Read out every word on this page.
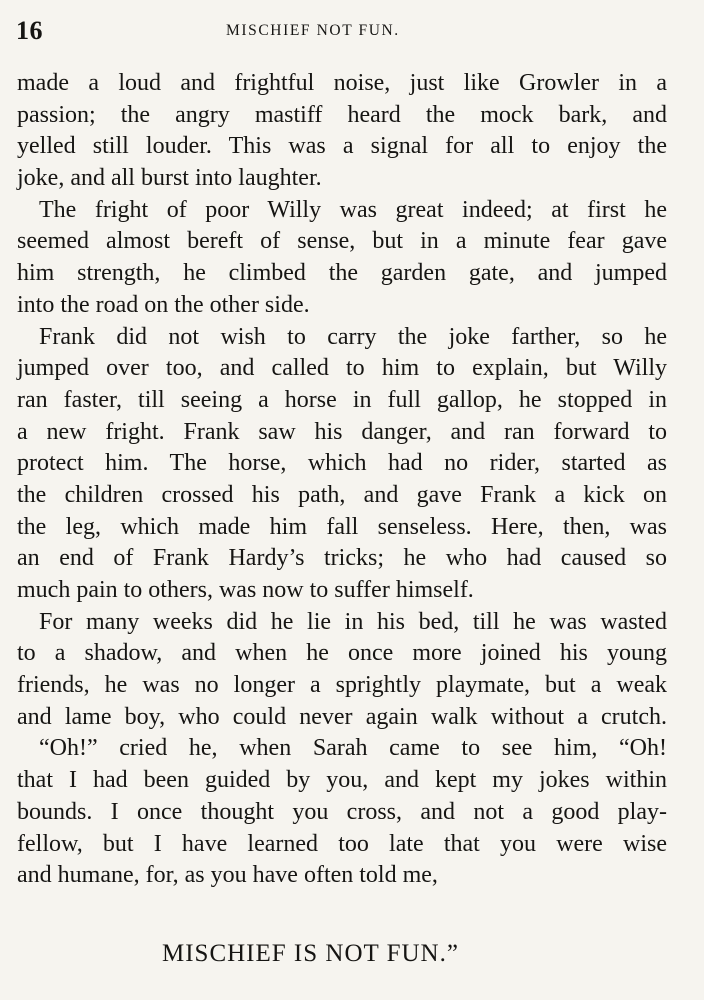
16	MISCHIEF NOT FUN.
made a loud and frightful noise, just like Growler in a
passion; the angry mastiff heard the mock bark, and
yelled still louder. This was a signal for all to enjoy the
joke, and all burst into laughter.
The fright of poor Willy was great indeed; at first he
seemed almost bereft of sense, but in a minute fear gave
him strength, he climbed the garden gate, and jumped
into the road on the other side.
Frank did not wish to carry the joke farther, so he
jumped over too, and called to him to explain, but Willy
ran faster, till seeing a horse in full gallop, he stopped in
a new fright. Frank saw his danger, and ran forward to
protect him. The horse, which had no rider, started as
the children crossed his path, and gave Frank a kick on
the leg, which made him fall senseless. Here, then, was
an end of Frank Hardy’s tricks; he who had caused so
much pain to others, was now to suffer himself.
For many weeks did he lie in his bed, till he was wasted
to a shadow, and when he once more joined his young
friends, he was no longer a sprightly playmate, but a weak
and lame boy, who could never again walk without a crutch.
“Oh!” cried he, when Sarah came to see him, “Oh!
that I had been guided by you, and kept my jokes within
bounds. I once thought you cross, and not a good play-
fellow, but I have learned too late that you were wise
and humane, for, as you have often told me,
MISCHIEF IS NOT FUN.”
